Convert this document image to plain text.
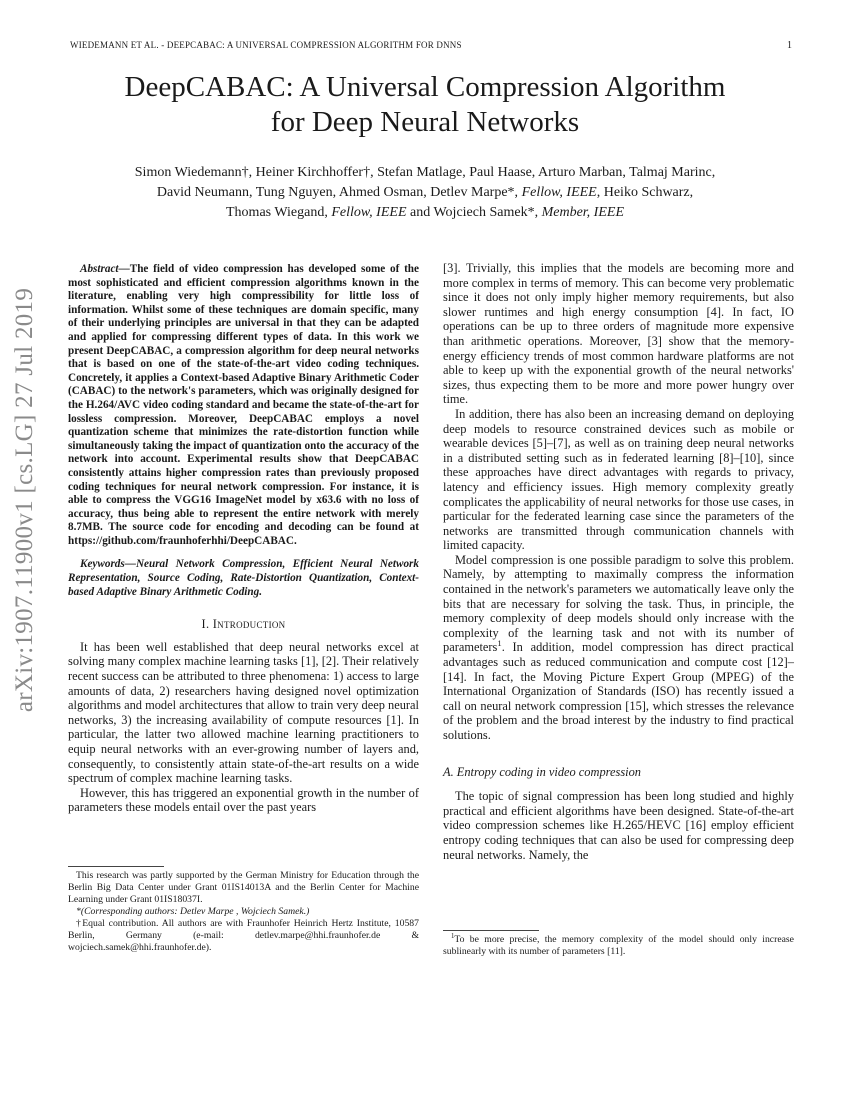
WIEDEMANN ET AL. - DEEPCABAC: A UNIVERSAL COMPRESSION ALGORITHM FOR DNNS	1
DeepCABAC: A Universal Compression Algorithm
for Deep Neural Networks
Simon Wiedemann†, Heiner Kirchhoffer†, Stefan Matlage, Paul Haase, Arturo Marban, Talmaj Marinc,
David Neumann, Tung Nguyen, Ahmed Osman, Detlev Marpe*, Fellow, IEEE, Heiko Schwarz,
Thomas Wiegand, Fellow, IEEE and Wojciech Samek*, Member, IEEE
arXiv:1907.11900v1 [cs.LG] 27 Jul 2019

Abstract—The field of video compression has developed some of the most sophisticated and efficient compression algorithms known in the literature, enabling very high compressibility for little loss of information. Whilst some of these techniques are domain specific, many of their underlying principles are universal in that they can be adapted and applied for compressing different types of data. In this work we present DeepCABAC, a compression algorithm for deep neural networks that is based on one of the state-of-the-art video coding techniques. Concretely, it applies a Context-based Adaptive Binary Arithmetic Coder (CABAC) to the network's parameters, which was originally designed for the H.264/AVC video coding standard and became the state-of-the-art for lossless compression. Moreover, DeepCABAC employs a novel quantization scheme that minimizes the rate-distortion function while simultaneously taking the impact of quantization onto the accuracy of the network into account. Experimental results show that DeepCABAC consistently attains higher compression rates than previously proposed coding techniques for neural network compression. For instance, it is able to compress the VGG16 ImageNet model by x63.6 with no loss of accuracy, thus being able to represent the entire network with merely 8.7MB. The source code for encoding and decoding can be found at https://github.com/fraunhoferhhi/DeepCABAC.

Keywords—Neural Network Compression, Efficient Neural Network Representation, Source Coding, Rate-Distortion Quantization, Context-based Adaptive Binary Arithmetic Coding.

I. Introduction

It has been well established that deep neural networks excel at solving many complex machine learning tasks [1], [2]. Their relatively recent success can be attributed to three phenomena: 1) access to large amounts of data, 2) researchers having designed novel optimization algorithms and model architectures that allow to train very deep neural networks, 3) the increasing availability of compute resources [1]. In particular, the latter two allowed machine learning practitioners to equip neural networks with an ever-growing number of layers and, consequently, to consistently attain state-of-the-art results on a wide spectrum of complex machine learning tasks.

However, this has triggered an exponential growth in the number of parameters these models entail over the past years

This research was partly supported by the German Ministry for Education through the Berlin Big Data Center under Grant 01IS14013A and the Berlin Center for Machine Learning under Grant 01IS18037I.

*(Corresponding authors: Detlev Marpe , Wojciech Samek.)

†Equal contribution. All authors are with Fraunhofer Heinrich Hertz Institute, 10587 Berlin, Germany (e-mail: detlev.marpe@hhi.fraunhofer.de & wojciech.samek@hhi.fraunhofer.de).

[3]. Trivially, this implies that the models are becoming more and more complex in terms of memory. This can become very problematic since it does not only imply higher memory requirements, but also slower runtimes and high energy consumption [4]. In fact, IO operations can be up to three orders of magnitude more expensive than arithmetic operations. Moreover, [3] show that the memory-energy efficiency trends of most common hardware platforms are not able to keep up with the exponential growth of the neural networks' sizes, thus expecting them to be more and more power hungry over time.

In addition, there has also been an increasing demand on deploying deep models to resource constrained devices such as mobile or wearable devices [5]–[7], as well as on training deep neural networks in a distributed setting such as in federated learning [8]–[10], since these approaches have direct advantages with regards to privacy, latency and efficiency issues. High memory complexity greatly complicates the applicability of neural networks for those use cases, in particular for the federated learning case since the parameters of the networks are transmitted through communication channels with limited capacity.

Model compression is one possible paradigm to solve this problem. Namely, by attempting to maximally compress the information contained in the network's parameters we automatically leave only the bits that are necessary for solving the task. Thus, in principle, the memory complexity of deep models should only increase with the complexity of the learning task and not with its number of parameters$^1$. In addition, model compression has direct practical advantages such as reduced communication and compute cost [12]–[14]. In fact, the Moving Picture Expert Group (MPEG) of the International Organization of Standards (ISO) has recently issued a call on neural network compression [15], which stresses the relevance of the problem and the broad interest by the industry to find practical solutions.

A. Entropy coding in video compression

The topic of signal compression has been long studied and highly practical and efficient algorithms have been designed. State-of-the-art video compression schemes like H.265/HEVC [16] employ efficient entropy coding techniques that can also be used for compressing deep neural networks. Namely, the

$^1$To be more precise, the memory complexity of the model should only increase sublinearly with its number of parameters [11].
